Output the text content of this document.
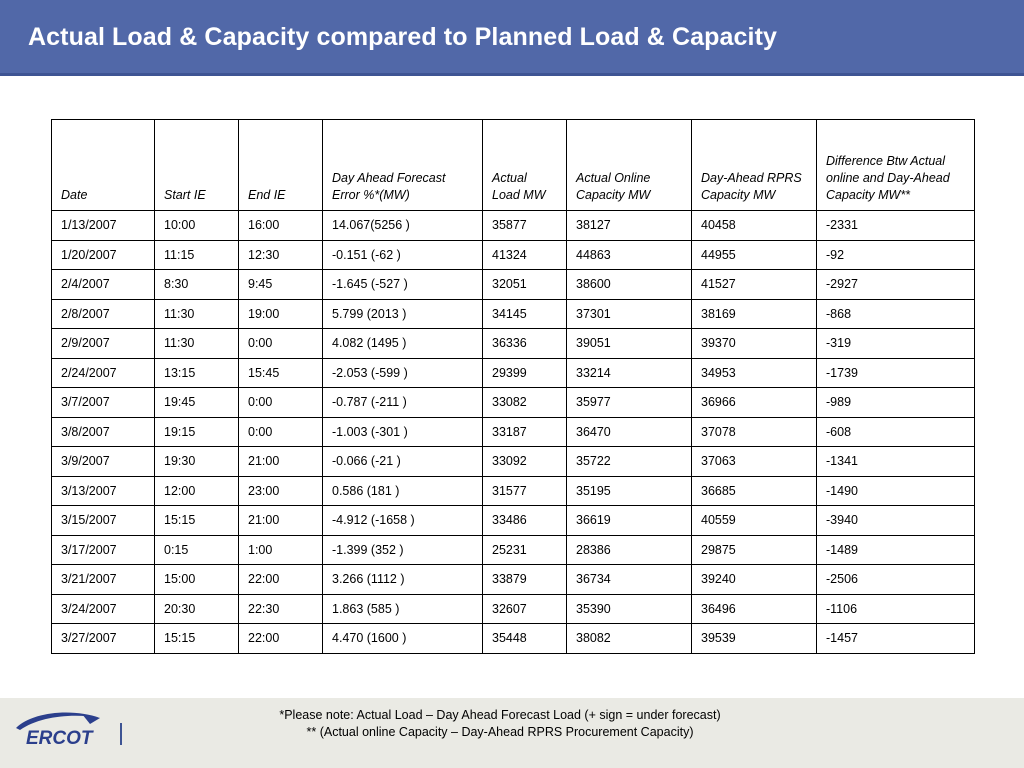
Actual Load & Capacity compared to Planned Load & Capacity
Date	Start IE	End IE	Day Ahead Forecast Error %*(MW)	Actual Load MW	Actual Online Capacity MW	Day-Ahead RPRS Capacity MW	Difference Btw Actual online and Day-Ahead Capacity MW**
1/13/2007	10:00	16:00	14.067(5256 )	35877	38127	40458	-2331
1/20/2007	11:15	12:30	-0.151 (-62 )	41324	44863	44955	-92
2/4/2007	8:30	9:45	-1.645 (-527 )	32051	38600	41527	-2927
2/8/2007	11:30	19:00	5.799 (2013 )	34145	37301	38169	-868
2/9/2007	11:30	0:00	4.082 (1495 )	36336	39051	39370	-319
2/24/2007	13:15	15:45	-2.053 (-599 )	29399	33214	34953	-1739
3/7/2007	19:45	0:00	-0.787 (-211 )	33082	35977	36966	-989
3/8/2007	19:15	0:00	-1.003 (-301 )	33187	36470	37078	-608
3/9/2007	19:30	21:00	-0.066 (-21 )	33092	35722	37063	-1341
3/13/2007	12:00	23:00	0.586 (181 )	31577	35195	36685	-1490
3/15/2007	15:15	21:00	-4.912 (-1658 )	33486	36619	40559	-3940
3/17/2007	0:15	1:00	-1.399 (352 )	25231	28386	29875	-1489
3/21/2007	15:00	22:00	3.266 (1112 )	33879	36734	39240	-2506
3/24/2007	20:30	22:30	1.863 (585 )	32607	35390	36496	-1106
3/27/2007	15:15	22:00	4.470 (1600 )	35448	38082	39539	-1457
ERCOT
*Please note: Actual Load – Day Ahead Forecast Load (+ sign = under forecast)
** (Actual online Capacity – Day-Ahead RPRS Procurement Capacity)
